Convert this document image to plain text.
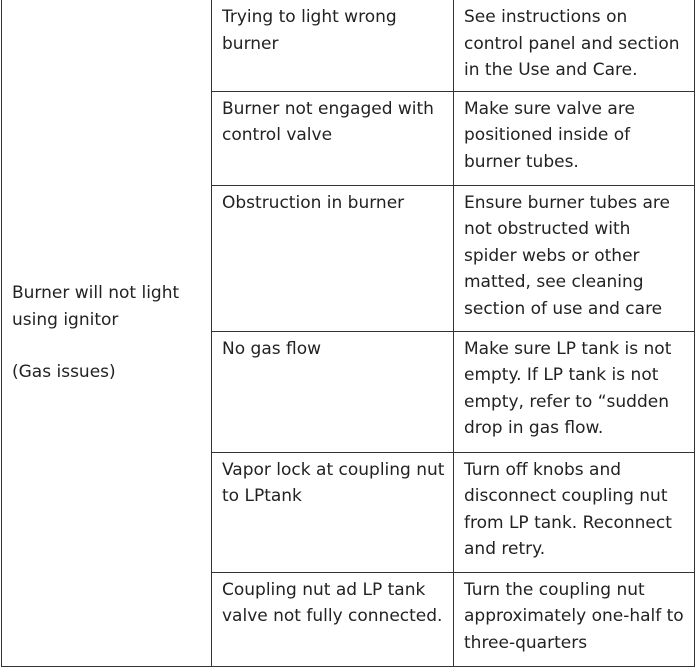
Burner will not light
using ignitor
(Gas issues)	Trying to light wrong burner	See instructions on control panel and section in the Use and Care.
	Burner not engaged with control valve	Make sure valve are positioned inside of burner tubes.
	Obstruction in burner	Ensure burner tubes are not obstructed with spider webs or other matted, see cleaning section of use and care
	No gas flow	Make sure LP tank is not empty. If LP tank is not empty, refer to “sudden drop in gas flow.
	Vapor lock at coupling nut to LPtank	Turn off knobs and disconnect coupling nut from LP tank. Reconnect and retry.
	Coupling nut ad LP tank valve not fully connected.	Turn the coupling nut approximately one-half to three-quarters
